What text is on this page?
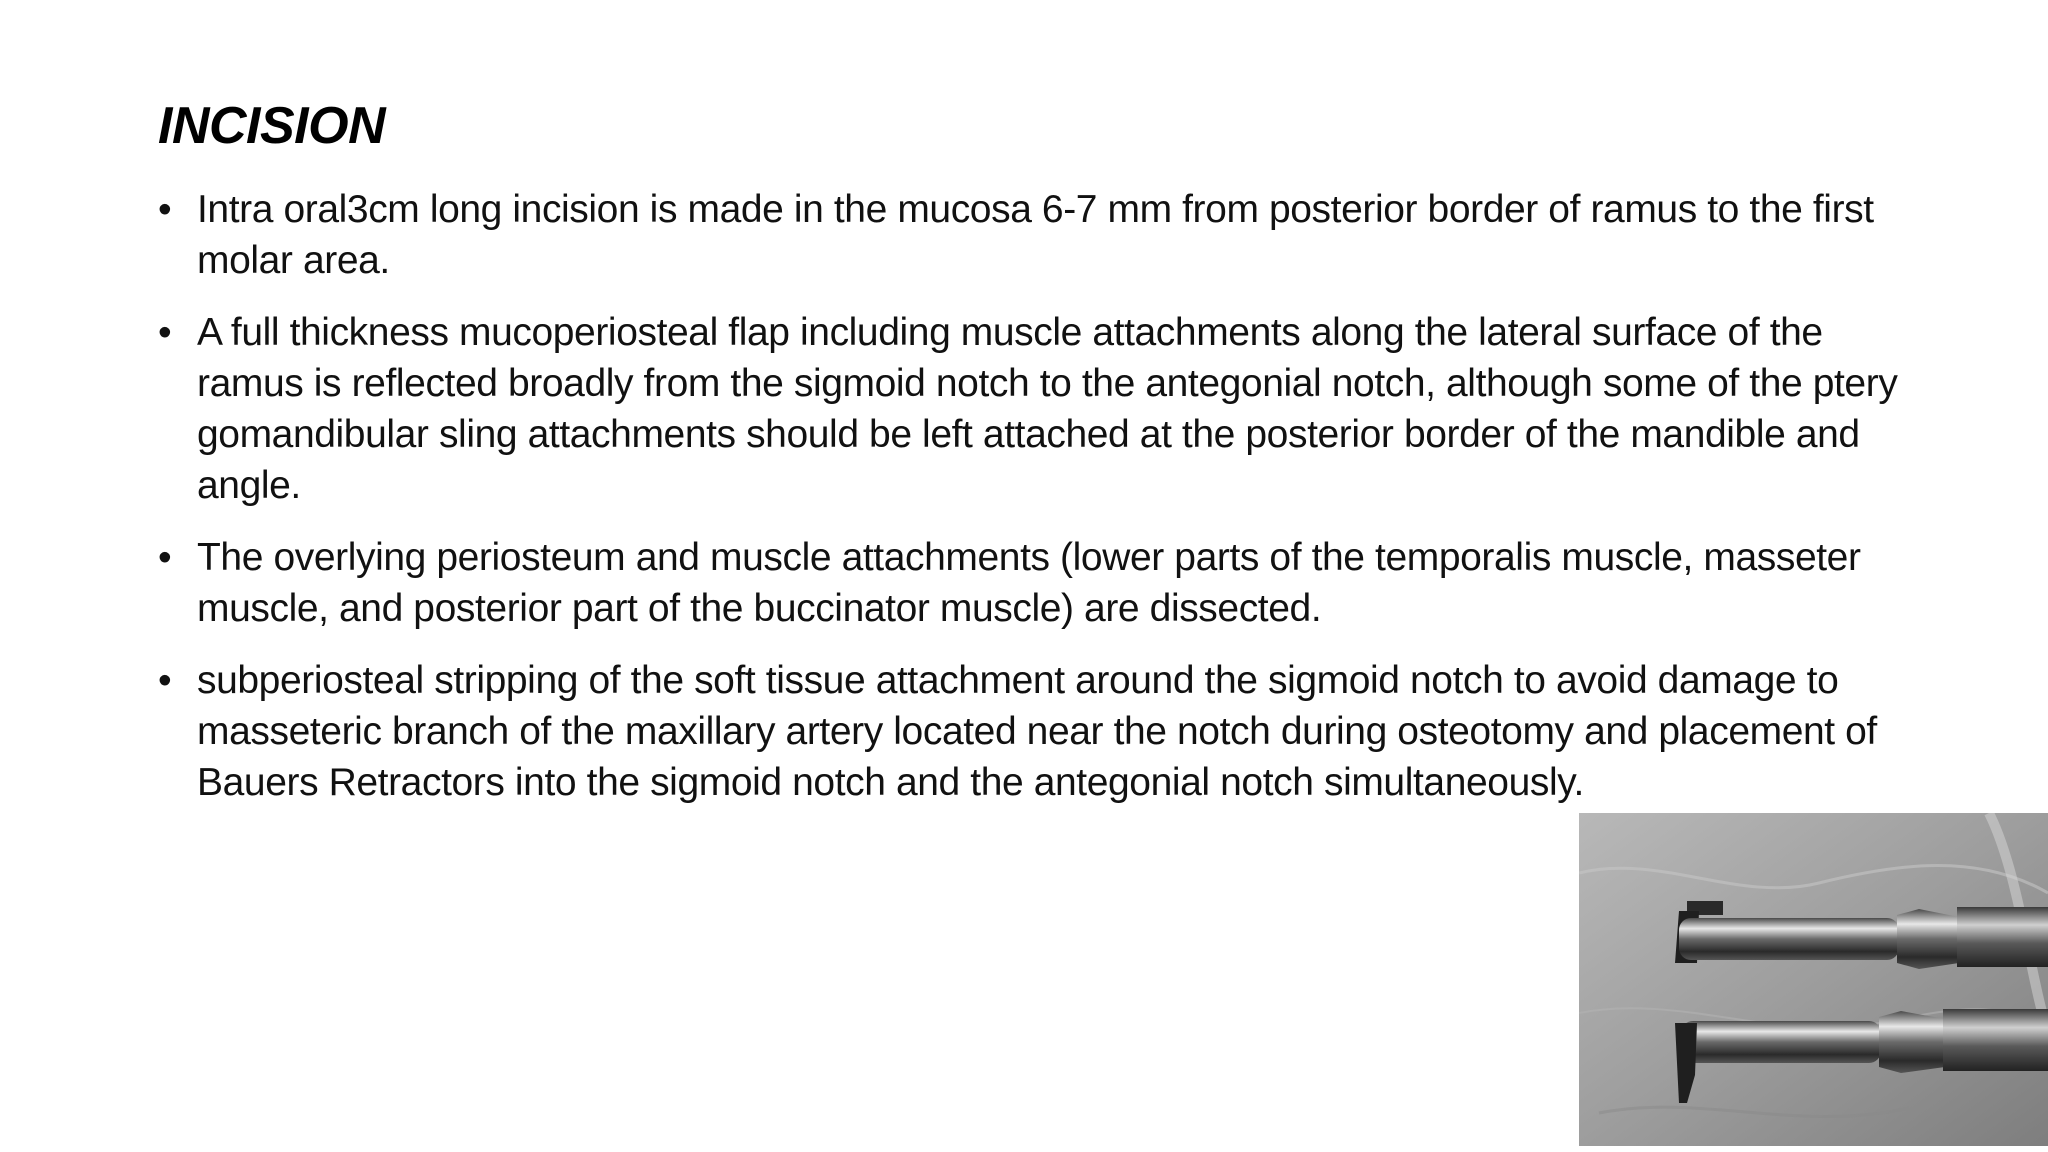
INCISION
• Intra oral3cm long incision is made in the mucosa 6-7 mm from posterior border of ramus to the first molar area.
• A full thickness mucoperiosteal flap including muscle attachments along the lateral surface of the ramus is reflected broadly from the sigmoid notch to the antegonial notch, although some of the ptery gomandibular sling attachments should be left attached at the posterior border of the mandible and angle.
• The overlying periosteum and muscle attachments (lower parts of the temporalis muscle, masseter muscle, and posterior part of the buccinator muscle) are dissected.
• subperiosteal stripping of the soft tissue attachment around the sigmoid notch to avoid damage to masseteric branch of the maxillary artery located near the notch during osteotomy and placement of Bauers Retractors into the sigmoid notch and the antegonial notch simultaneously.
